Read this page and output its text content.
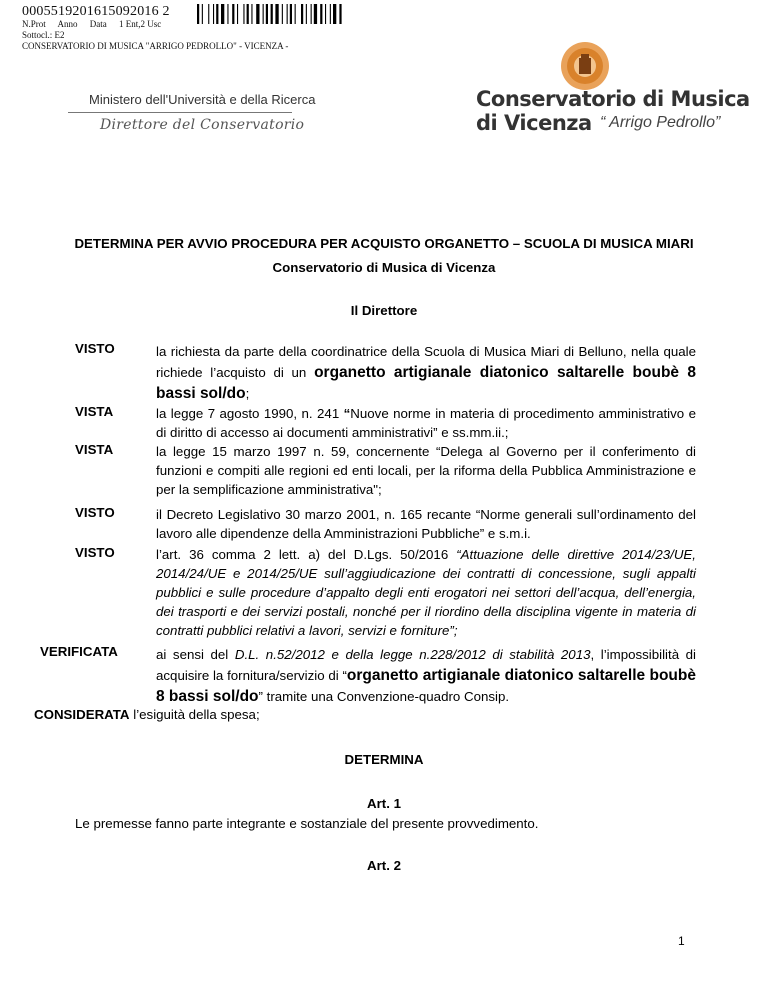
0005519201615092016 2
N.Prot Anno Data 1 Ent,2 Usc
Sottocl.: E2
CONSERVATORIO DI MUSICA "ARRIGO PEDROLLO" - VICENZA -
Ministero dell'Università e della Ricerca
Direttore del Conservatorio
Conservatorio di Musica di Vicenza “ Arrigo Pedrollo”
DETERMINA PER AVVIO PROCEDURA PER ACQUISTO ORGANETTO – SCUOLA DI MUSICA MIARI
Conservatorio di Musica di Vicenza
Il Direttore
VISTO	la richiesta da parte della coordinatrice della Scuola di Musica Miari di Belluno, nella quale richiede l’acquisto di un organetto artigianale diatonico saltarelle boubè 8 bassi sol/do;
VISTA	la legge 7 agosto 1990, n. 241 “Nuove norme in materia di procedimento amministrativo e di diritto di accesso ai documenti amministrativi” e ss.mm.ii.;
VISTA	la legge 15 marzo 1997 n. 59, concernente “Delega al Governo per il conferimento di funzioni e compiti alle regioni ed enti locali, per la riforma della Pubblica Amministrazione e per la semplificazione amministrativa";
VISTO	il Decreto Legislativo 30 marzo 2001, n. 165 recante “Norme generali sull’ordinamento del lavoro alle dipendenze della Amministrazioni Pubbliche” e s.m.i.
VISTO	l’art. 36 comma 2 lett. a) del D.Lgs. 50/2016 “Attuazione delle direttive 2014/23/UE, 2014/24/UE e 2014/25/UE sull’aggiudicazione dei contratti di concessione, sugli appalti pubblici e sulle procedure d’appalto degli enti erogatori nei settori dell’acqua, dell’energia, dei trasporti e dei servizi postali, nonché per il riordino della disciplina vigente in materia di contratti pubblici relativi a lavori, servizi e forniture”;
VERIFICATA	ai sensi del D.L. n.52/2012 e della legge n.228/2012 di stabilità 2013, l’impossibilità di acquisire la fornitura/servizio di “organetto artigianale diatonico saltarelle boubè 8 bassi sol/do” tramite una Convenzione-quadro Consip.
CONSIDERATA l’esiguità della spesa;
DETERMINA
Art. 1
Le premesse fanno parte integrante e sostanziale del presente provvedimento.
Art. 2
1
